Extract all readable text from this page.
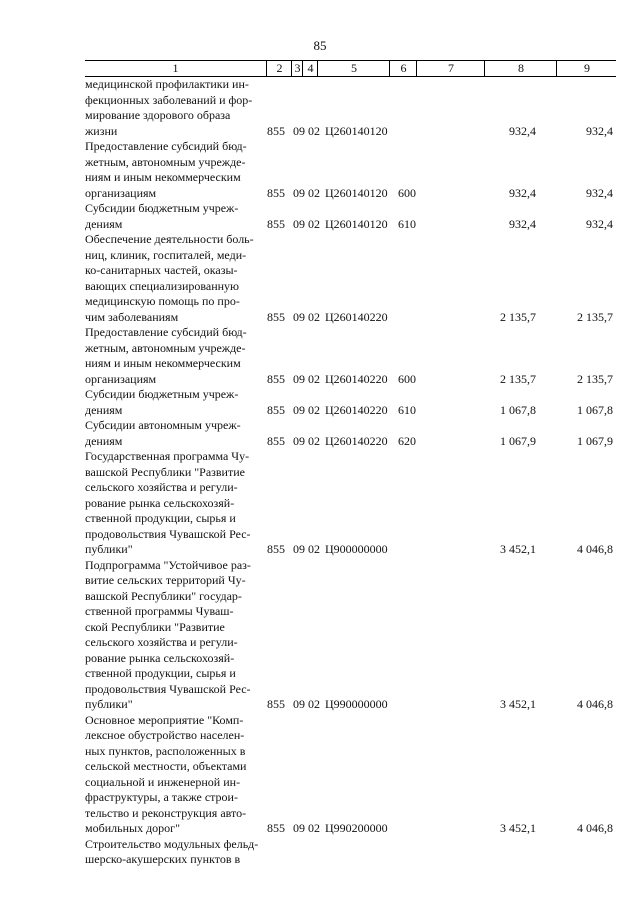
85
1	2	3 4	5	6	7	8	9
медицинской профилактики ин-
фекционных заболеваний и фор-
мирование здорового образа
жизни	855 09 02 Ц260140120	932,4	932,4
Предоставление субсидий бюд-
жетным, автономным учрежде-
ниям и иным некоммерческим
организациям	855 09 02 Ц260140120 600	932,4	932,4
Субсидии бюджетным учреж-
дениям	855 09 02 Ц260140120 610	932,4	932,4
Обеспечение деятельности боль-
ниц, клиник, госпиталей, меди-
ко-санитарных частей, оказы-
вающих специализированную
медицинскую помощь по про-
чим заболеваниям	855 09 02 Ц260140220	2 135,7	2 135,7
Предоставление субсидий бюд-
жетным, автономным учрежде-
ниям и иным некоммерческим
организациям	855 09 02 Ц260140220 600	2 135,7	2 135,7
Субсидии бюджетным учреж-
дениям	855 09 02 Ц260140220 610	1 067,8	1 067,8
Субсидии автономным учреж-
дениям	855 09 02 Ц260140220 620	1 067,9	1 067,9
Государственная программа Чу-
вашской Республики "Развитие
сельского хозяйства и регули-
рование рынка сельскохозяй-
ственной продукции, сырья и
продовольствия Чувашской Рес-
публики"	855 09 02 Ц900000000	3 452,1	4 046,8
Подпрограмма "Устойчивое раз-
витие сельских территорий Чу-
вашской Республики" государ-
ственной программы Чуваш-
ской Республики "Развитие
сельского хозяйства и регули-
рование рынка сельскохозяй-
ственной продукции, сырья и
продовольствия Чувашской Рес-
публики"	855 09 02 Ц990000000	3 452,1	4 046,8
Основное мероприятие "Комп-
лексное обустройство населен-
ных пунктов, расположенных в
сельской местности, объектами
социальной и инженерной ин-
фраструктуры, а также строи-
тельство и реконструкция авто-
мобильных дорог"	855 09 02 Ц990200000	3 452,1	4 046,8
Строительство модульных фельд-
шерско-акушерских пунктов в
